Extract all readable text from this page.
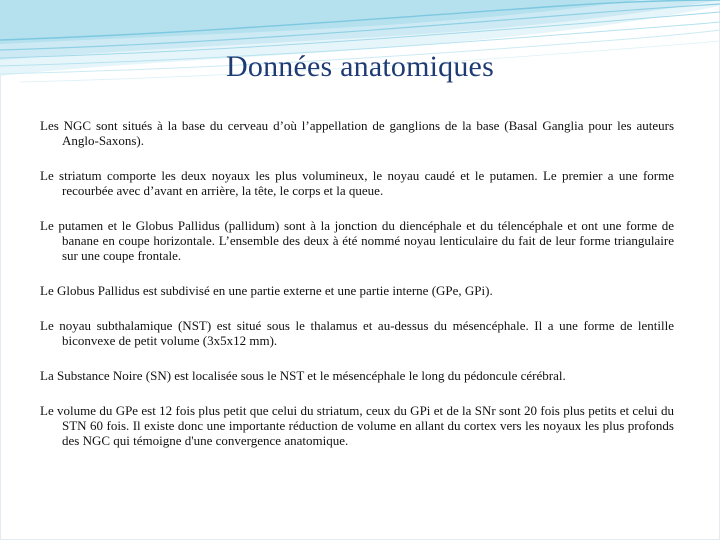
Données anatomiques

Les NGC sont situés à la base du cerveau d’où l’appellation de ganglions de la base (Basal Ganglia pour les auteurs Anglo-Saxons).

Le striatum comporte les deux noyaux les plus volumineux, le noyau caudé et le putamen. Le premier a une forme recourbée avec d’avant en arrière, la tête, le corps et la queue.

Le putamen et le Globus Pallidus (pallidum) sont à la jonction du diencéphale et du télencéphale et ont une forme de banane en coupe horizontale. L’ensemble des deux à été nommé noyau lenticulaire du fait de leur forme triangulaire sur une coupe frontale.

Le Globus Pallidus est subdivisé en une partie externe et une partie interne (GPe, GPi).

Le noyau subthalamique (NST) est situé sous le thalamus et au-dessus du mésencéphale. Il a une forme de lentille biconvexe de petit volume (3x5x12 mm).

La Substance Noire (SN) est localisée sous le NST et le mésencéphale le long du pédoncule cérébral.

Le volume du GPe est 12 fois plus petit que celui du striatum, ceux du GPi et de la SNr sont 20 fois plus petits et celui du STN 60 fois. Il existe donc une importante réduction de volume en allant du cortex vers les noyaux les plus profonds des NGC qui témoigne d'une convergence anatomique.
